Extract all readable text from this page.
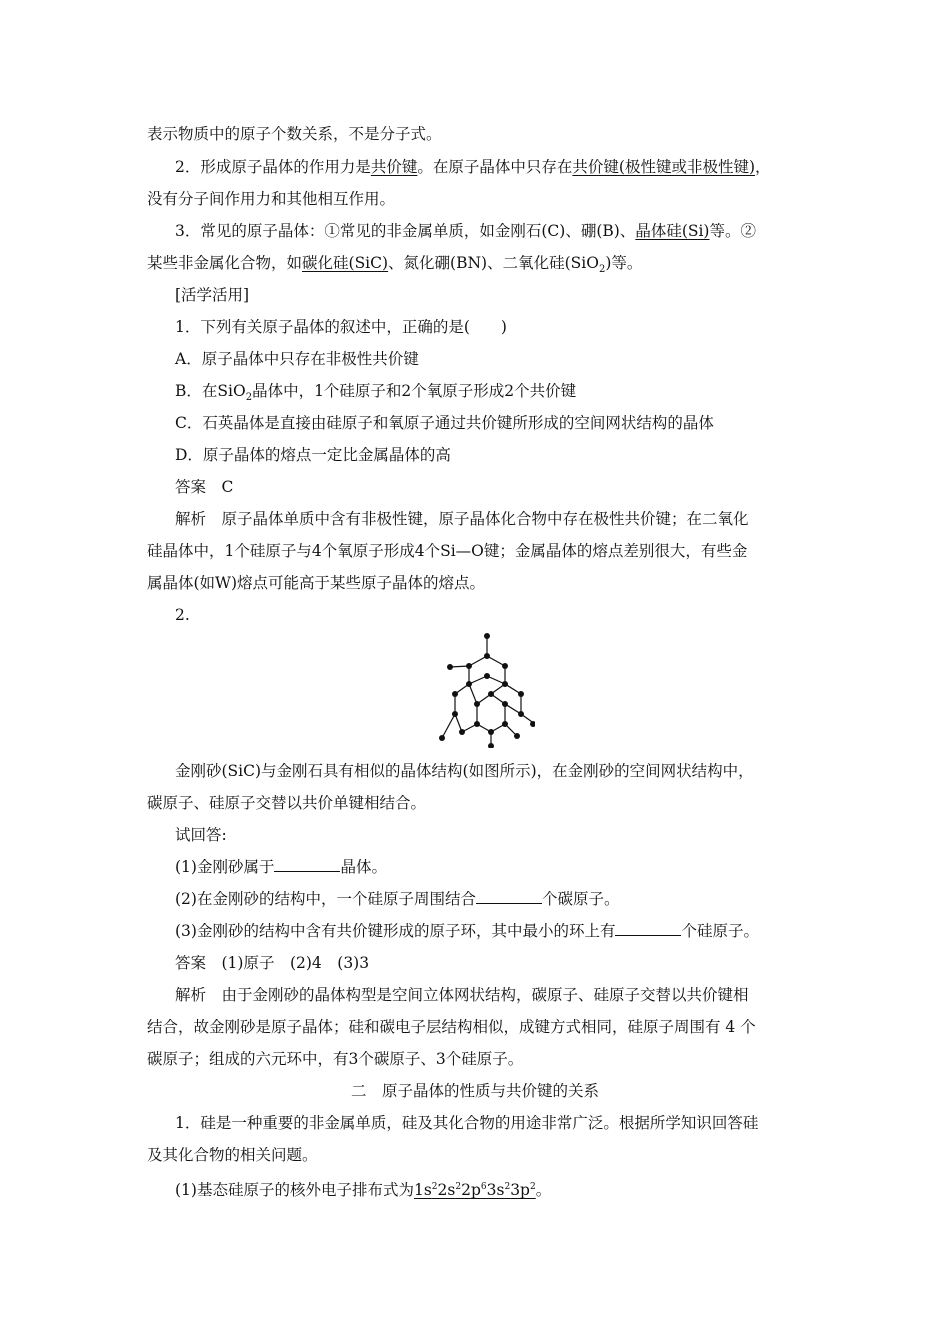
表示物质中的原子个数关系，不是分子式。
2．形成原子晶体的作用力是共价键。在原子晶体中只存在共价键(极性键或非极性键)，
没有分子间作用力和其他相互作用。
3．常见的原子晶体：①常见的非金属单质，如金刚石(C)、硼(B)、晶体硅(Si)等。②
某些非金属化合物，如碳化硅(SiC)、氮化硼(BN)、二氧化硅(SiO$_2$)等。
[活学活用]
1．下列有关原子晶体的叙述中，正确的是(　　)
A．原子晶体中只存在非极性共价键
B．在SiO$_2$晶体中，1个硅原子和2个氧原子形成2个共价键
C．石英晶体是直接由硅原子和氧原子通过共价键所形成的空间网状结构的晶体
D．原子晶体的熔点一定比金属晶体的高
答案　C
解析　原子晶体单质中含有非极性键，原子晶体化合物中存在极性共价键；在二氧化
硅晶体中，1个硅原子与4个氧原子形成4个Si—O键；金属晶体的熔点差别很大，有些金
属晶体(如W)熔点可能高于某些原子晶体的熔点。
2.
金刚砂(SiC)与金刚石具有相似的晶体结构(如图所示)，在金刚砂的空间网状结构中，
碳原子、硅原子交替以共价单键相结合。
试回答:
(1)金刚砂属于	晶体。
(2)在金刚砂的结构中，一个硅原子周围结合	个碳原子。
(3)金刚砂的结构中含有共价键形成的原子环，其中最小的环上有	个硅原子。
答案　(1)原子　(2)4　(3)3
解析　由于金刚砂的晶体构型是空间立体网状结构，碳原子、硅原子交替以共价键相
结合，故金刚砂是原子晶体；硅和碳电子层结构相似，成键方式相同，硅原子周围有 4 个
碳原子；组成的六元环中，有3个碳原子、3个硅原子。
二　原子晶体的性质与共价键的关系
1．硅是一种重要的非金属单质，硅及其化合物的用途非常广泛。根据所学知识回答硅
及其化合物的相关问题。
(1)基态硅原子的核外电子排布式为$1s^22s^22p^63s^23p^2$。
